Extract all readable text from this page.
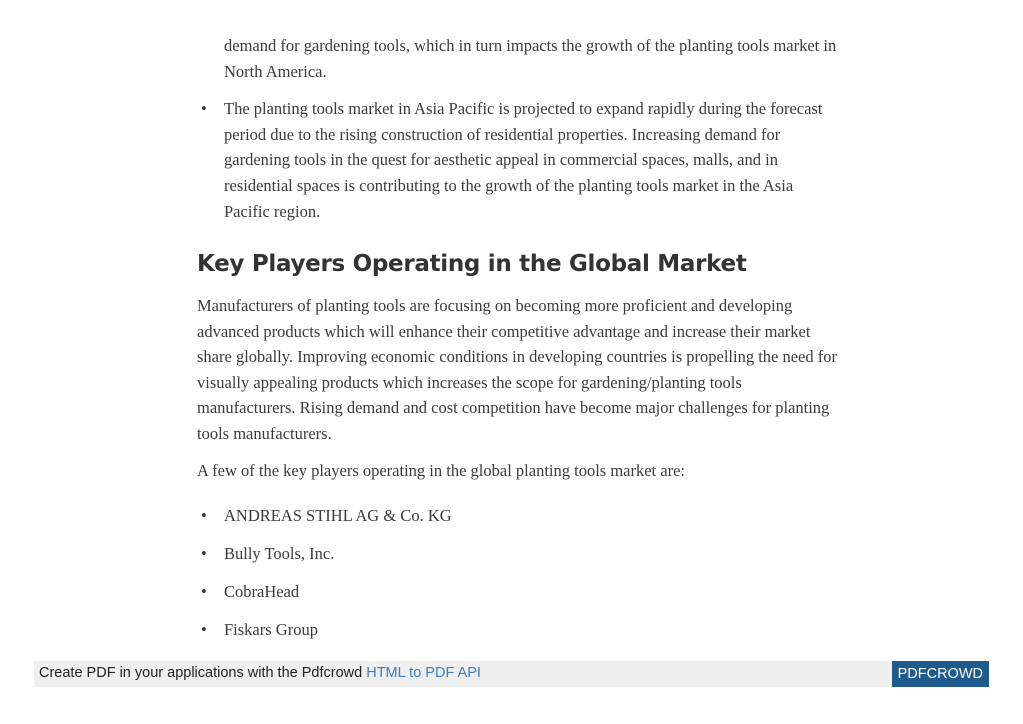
demand for gardening tools, which in turn impacts the growth of the planting tools market in North America.
• The planting tools market in Asia Pacific is projected to expand rapidly during the forecast period due to the rising construction of residential properties. Increasing demand for gardening tools in the quest for aesthetic appeal in commercial spaces, malls, and in residential spaces is contributing to the growth of the planting tools market in the Asia Pacific region.
Key Players Operating in the Global Market

Manufacturers of planting tools are focusing on becoming more proficient and developing advanced products which will enhance their competitive advantage and increase their market share globally. Improving economic conditions in developing countries is propelling the need for visually appealing products which increases the scope for gardening/planting tools manufacturers. Rising demand and cost competition have become major challenges for planting tools manufacturers.

A few of the key players operating in the global planting tools market are:

• ANDREAS STIHL AG & Co. KG
• Bully Tools, Inc.
• CobraHead
• Fiskars Group
Create PDF in your applications with the Pdfcrowd HTML to PDF API	PDFCROWD
